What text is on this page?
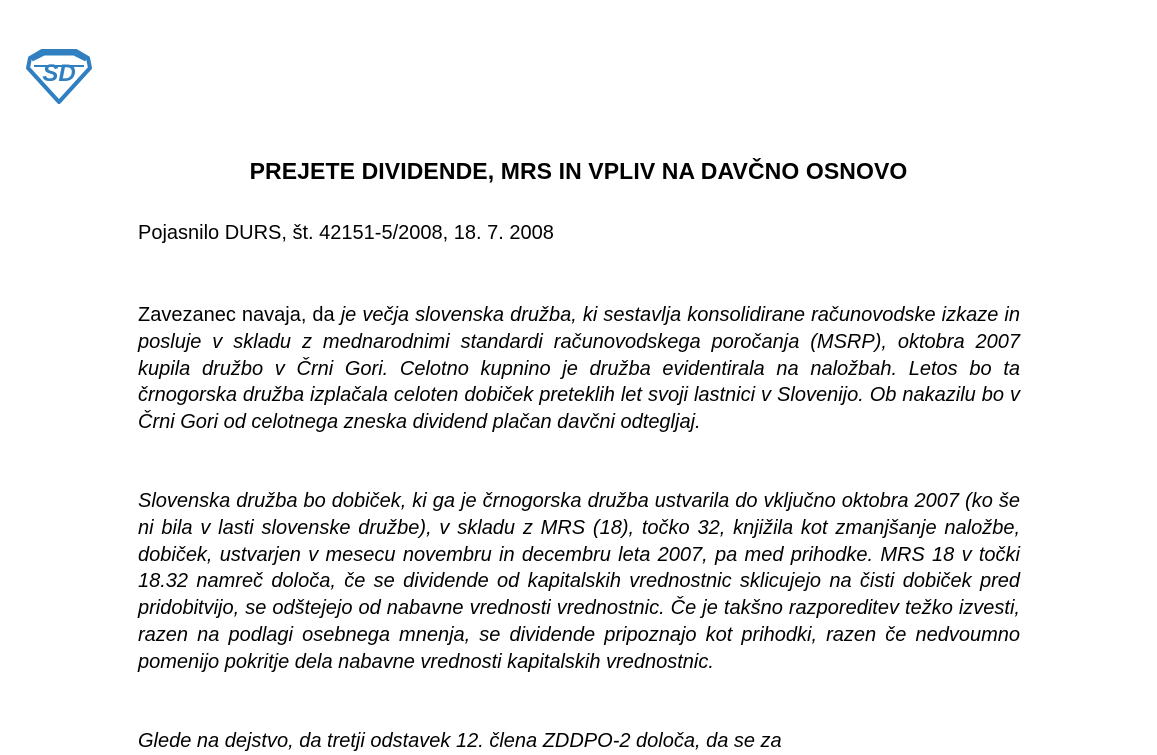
SD
PREJETE DIVIDENDE, MRS IN VPLIV NA DAVČNO OSNOVO
Pojasnilo DURS, št. 42151-5/2008, 18. 7. 2008
Zavezanec navaja, da je večja slovenska družba, ki sestavlja konsolidirane računovodske izkaze in posluje v skladu z mednarodnimi standardi računovodskega poročanja (MSRP), oktobra 2007 kupila družbo v Črni Gori. Celotno kupnino je družba evidentirala na naložbah. Letos bo ta črnogorska družba izplačala celoten dobiček preteklih let svoji lastnici v Slovenijo. Ob nakazilu bo v Črni Gori od celotnega zneska dividend plačan davčni odtegljaj.
Slovenska družba bo dobiček, ki ga je črnogorska družba ustvarila do vključno oktobra 2007 (ko še ni bila v lasti slovenske družbe), v skladu z MRS (18), točko 32, knjižila kot zmanjšanje naložbe, dobiček, ustvarjen v mesecu novembru in decembru leta 2007, pa med prihodke. MRS 18 v točki 18.32 namreč določa, če se dividende od kapitalskih vrednostnic sklicujejo na čisti dobiček pred pridobitvijo, se odštejejo od nabavne vrednosti vrednostnic. Če je takšno razporeditev težko izvesti, razen na podlagi osebnega mnenja, se dividende pripoznajo kot prihodki, razen če nedvoumno pomenijo pokritje dela nabavne vrednosti kapitalskih vrednostnic.
Glede na dejstvo, da tretji odstavek 12. člena ZDDPO-2 določa, da se za
